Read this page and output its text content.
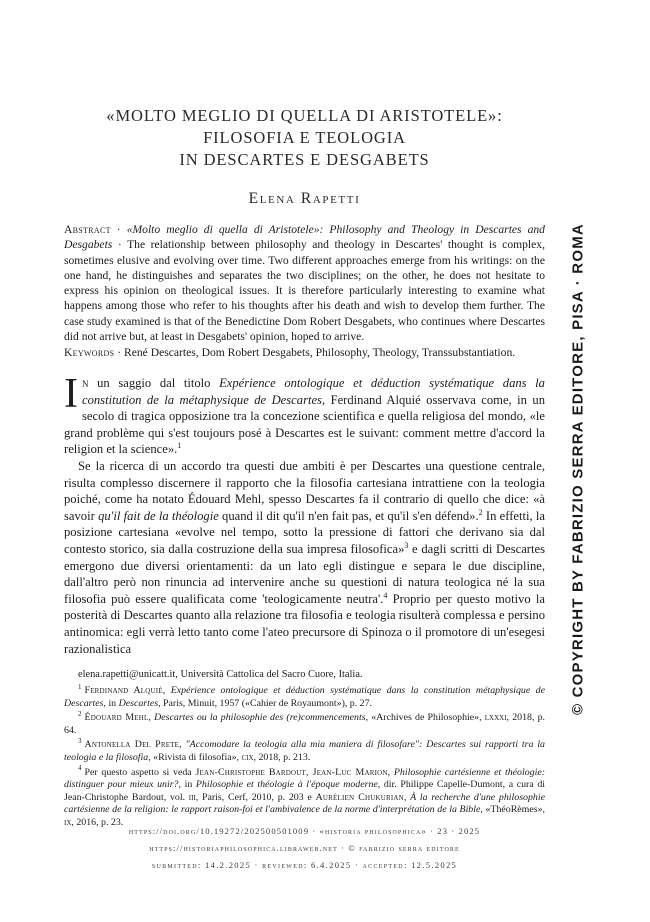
«MOLTO MEGLIO DI QUELLA DI ARISTOTELE»:
FILOSOFIA E TEOLOGIA
IN DESCARTES E DESGABETS
Elena Rapetti
Abstract · «Molto meglio di quella di Aristotele»: Philosophy and Theology in Descartes and Desgabets · The relationship between philosophy and theology in Descartes' thought is complex, sometimes elusive and evolving over time. Two different approaches emerge from his writings: on the one hand, he distinguishes and separates the two disciplines; on the other, he does not hesitate to express his opinion on theological issues. It is therefore particularly interesting to examine what happens among those who refer to his thoughts after his death and wish to develop them further. The case study examined is that of the Benedictine Dom Robert Desgabets, who continues where Descartes did not arrive but, at least in Desgabets' opinion, hoped to arrive.
Keywords · René Descartes, Dom Robert Desgabets, Philosophy, Theology, Transsubstantiation.

In un saggio dal titolo Expérience ontologique et déduction systématique dans la constitution de la métaphysique de Descartes, Ferdinand Alquié osservava come, in un secolo di tragica opposizione tra la concezione scientifica e quella religiosa del mondo, «le grand problème qui s'est toujours posé à Descartes est le suivant: comment mettre d'accord la religion et la science».$^1$

Se la ricerca di un accordo tra questi due ambiti è per Descartes una questione centrale, risulta complesso discernere il rapporto che la filosofia cartesiana intrattiene con la teologia poiché, come ha notato Édouard Mehl, spesso Descartes fa il contrario di quello che dice: «à savoir qu'il fait de la théologie quand il dit qu'il n'en fait pas, et qu'il s'en défend».$^2$ In effetti, la posizione cartesiana «evolve nel tempo, sotto la pressione di fattori che derivano sia dal contesto storico, sia dalla costruzione della sua impresa filosofica»$^3$ e dagli scritti di Descartes emergono due diversi orientamenti: da un lato egli distingue e separa le due discipline, dall'altro però non rinuncia ad intervenire anche su questioni di natura teologica né la sua filosofia può essere qualificata come 'teologicamente neutra'.$^4$ Proprio per questo motivo la posterità di Descartes quanto alla relazione tra filosofia e teologia risulterà complessa e persino antinomica: egli verrà letto tanto come l'ateo precursore di Spinoza o il promotore di un'esegesi razionalistica

elena.rapetti@unicatt.it, Università Cattolica del Sacro Cuore, Italia.

$^1$ Ferdinand Alquié, Expérience ontologique et déduction systématique dans la constitution métaphysique de Descartes, in Descartes, Paris, Minuit, 1957 («Cahier de Royaumont»), p. 27.

$^2$ Édouard Mehl, Descartes ou la philosophie des (re)commencements, «Archives de Philosophie», lxxxi, 2018, p. 64.

$^3$ Antonella Del Prete, "Accomodare la teologia alla mia maniera di filosofare": Descartes sui rapporti tra la teologia e la filosofia, «Rivista di filosofia», cix, 2018, p. 213.

$^4$ Per questo aspetto si veda Jean-Christophe Bardout, Jean-Luc Marion, Philosophie cartésienne et théologie: distinguer pour mieux unir?, in Philosophie et théologie à l'époque moderne, dir. Philippe Capelle-Dumont, a cura di Jean-Christophe Bardout, vol. iii, Paris, Cerf, 2010, p. 203 e Aurélien Chukurian, À la recherche d'une philosophie cartésienne de la religion: le rapport raison-foi et l'ambivalence de la norme d'interprétation de la Bible, «ThéoRèmes», ix, 2016, p. 23.

https://doi.org/10.19272/202500501009 · «historia philosophica» · 23 · 2025
https://historiaphilosophica.libraweb.net · © fabrizio serra editore
submitted: 14.2.2025 · reviewed: 6.4.2025 · accepted: 12.5.2025
© COPYRIGHT BY FABRIZIO SERRA EDITORE, PISA · ROMA
